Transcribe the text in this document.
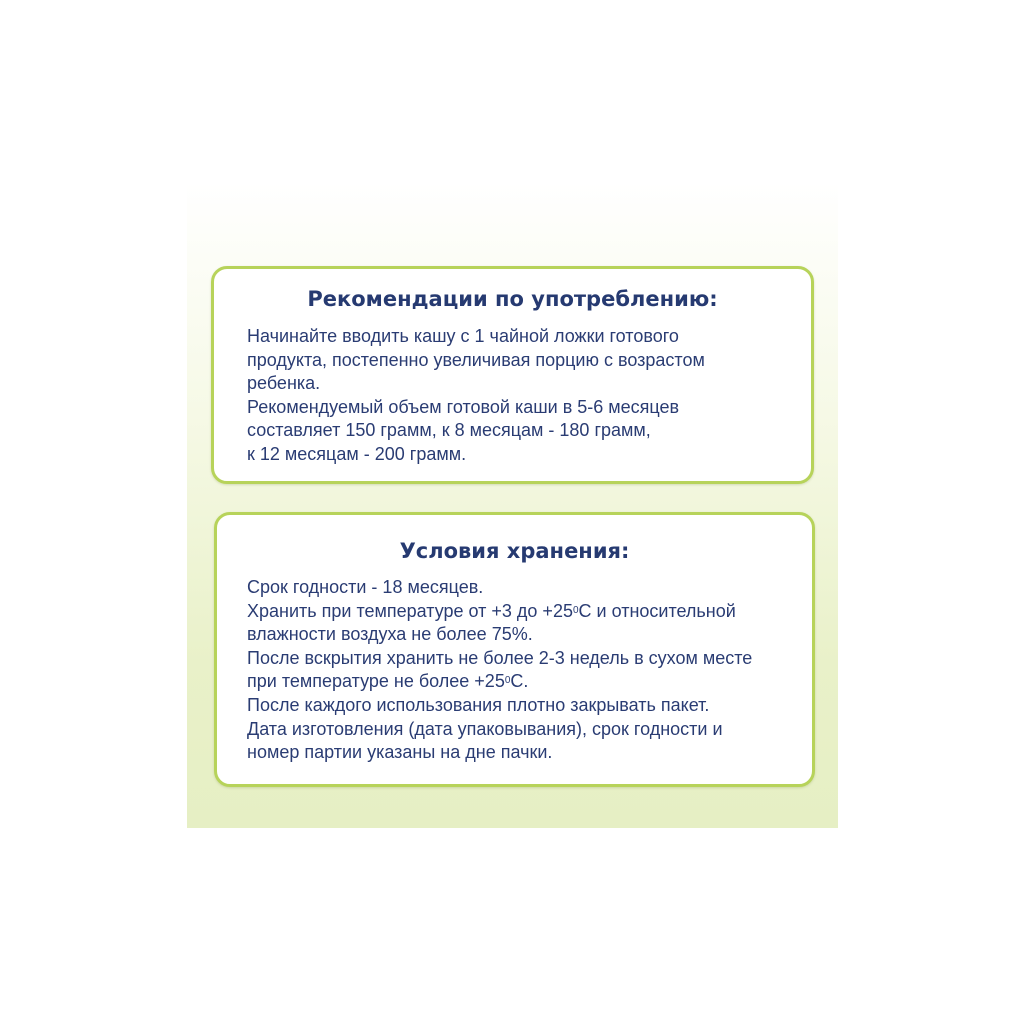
Рекомендации по употреблению:
Начинайте вводить кашу с 1 чайной ложки готового
продукта, постепенно увеличивая порцию с возрастом
ребенка.
Рекомендуемый объем готовой каши в 5-6 месяцев
составляет 150 грамм, к 8 месяцам - 180 грамм,
к 12 месяцам - 200 грамм.
Условия хранения:
Срок годности - 18 месяцев.
Хранить при температуре от +3 до $+25^0С$ и относительной
влажности воздуха не более 75%.
После вскрытия хранить не более 2-3 недель в сухом месте
при температуре не более $+25^0С$.
После каждого использования плотно закрывать пакет.
Дата изготовления (дата упаковывания), срок годности и
номер партии указаны на дне пачки.
